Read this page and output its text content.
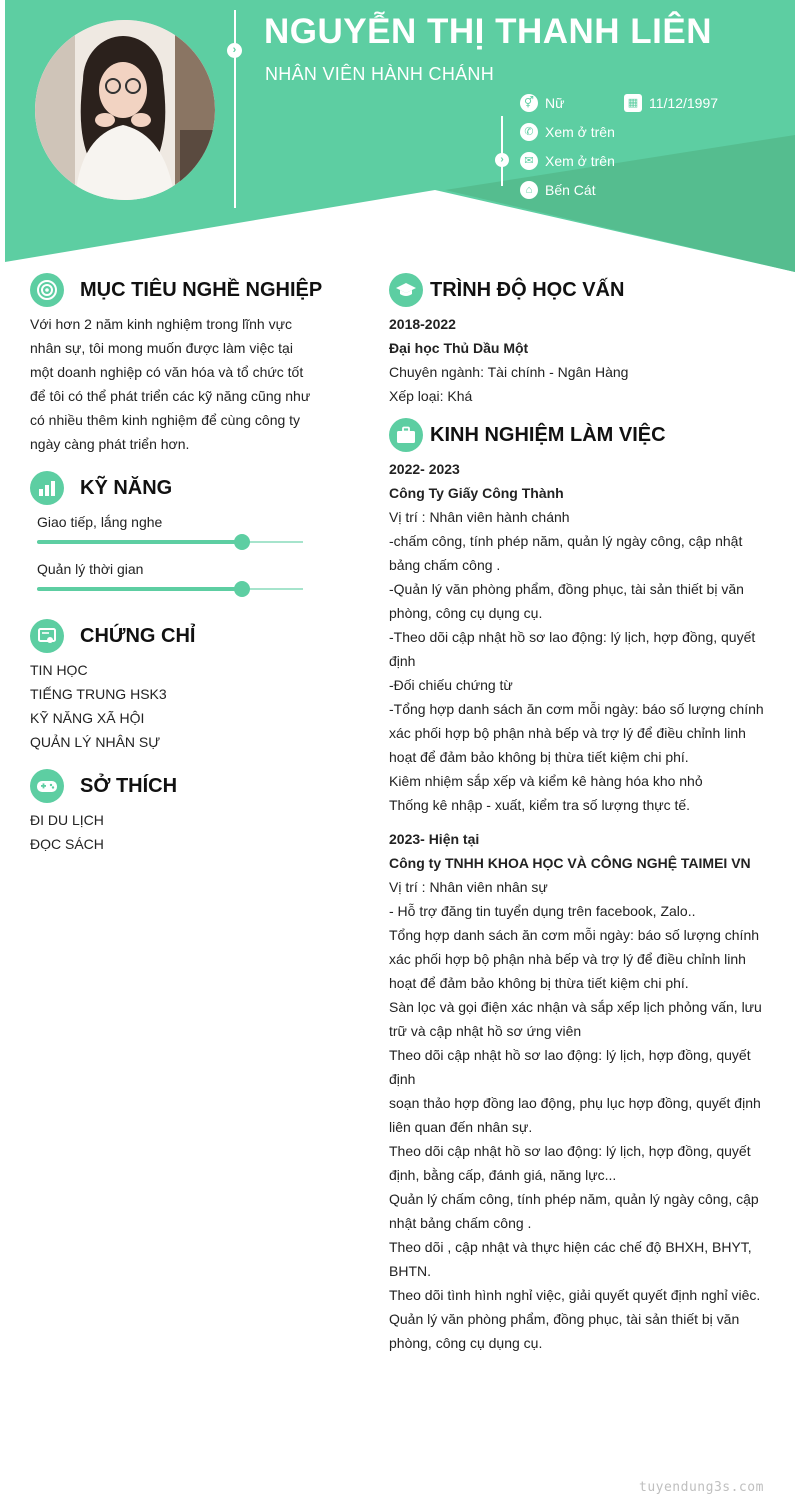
› NGUYỄN THỊ THANH LIÊN
NHÂN VIÊN HÀNH CHÁNH
›
⚥ Nữ	▦ 11/12/1997
✆ Xem ở trên
✉ Xem ở trên
⌂ Bến Cát
MỤC TIÊU NGHỀ NGHIỆP
Với hơn 2 năm kinh nghiệm trong lĩnh vực
nhân sự, tôi mong muốn được làm việc tại
một doanh nghiệp có văn hóa và tổ chức tốt
để tôi có thể phát triển các kỹ năng cũng như
có nhiều thêm kinh nghiệm để cùng công ty
ngày càng phát triển hơn.
KỸ NĂNG
Giao tiếp, lắng nghe
Quản lý thời gian
CHỨNG CHỈ
TIN HỌC
TIẾNG TRUNG HSK3
KỸ NĂNG XÃ HỘI
QUẢN LÝ NHÂN SỰ
SỞ THÍCH
ĐI DU LỊCH
ĐỌC SÁCH
TRÌNH ĐỘ HỌC VẤN
2018-2022
Đại học Thủ Dầu Một
Chuyên ngành: Tài chính - Ngân Hàng
Xếp loại: Khá
KINH NGHIỆM LÀM VIỆC
2022- 2023
Công Ty Giấy Công Thành
Vị trí : Nhân viên hành chánh
-chấm công, tính phép năm, quản lý ngày công, cập nhật
bảng chấm công .
-Quản lý văn phòng phẩm, đồng phục, tài sản thiết bị văn
phòng, công cụ dụng cụ.
-Theo dõi cập nhật hồ sơ lao động: lý lịch, hợp đồng, quyết
định
-Đối chiếu chứng từ
-Tổng hợp danh sách ăn cơm mỗi ngày: báo số lượng chính
xác phối hợp bộ phận nhà bếp và trợ lý để điều chỉnh linh
hoạt để đảm bảo không bị thừa tiết kiệm chi phí.
Kiêm nhiệm sắp xếp và kiểm kê hàng hóa kho nhỏ
Thống kê nhập - xuất, kiểm tra số lượng thực tế.
2023- Hiện tại
Công ty TNHH KHOA HỌC VÀ CÔNG NGHỆ TAIMEI VN
Vị trí : Nhân viên nhân sự
- Hỗ trợ đăng tin tuyển dụng trên facebook, Zalo..
Tổng hợp danh sách ăn cơm mỗi ngày: báo số lượng chính
xác phối hợp bộ phận nhà bếp và trợ lý để điều chỉnh linh
hoạt để đảm bảo không bị thừa tiết kiệm chi phí.
Sàn lọc và gọi điện xác nhận và sắp xếp lịch phỏng vấn, lưu
trữ và cập nhật hồ sơ ứng viên
Theo dõi cập nhật hồ sơ lao động: lý lịch, hợp đồng, quyết
định
soạn thảo hợp đồng lao động, phụ lục hợp đồng, quyết định
liên quan đến nhân sự.
Theo dõi cập nhật hồ sơ lao động: lý lịch, hợp đồng, quyết
định, bằng cấp, đánh giá, năng lực...
Quản lý chấm công, tính phép năm, quản lý ngày công, cập
nhật bảng chấm công .
Theo dõi , cập nhật và thực hiện các chế độ BHXH, BHYT,
BHTN.
Theo dõi tình hình nghỉ việc, giải quyết quyết định nghỉ viêc.
Quản lý văn phòng phẩm, đồng phục, tài sản thiết bị văn
phòng, công cụ dụng cụ.
tuyendung3s.com
